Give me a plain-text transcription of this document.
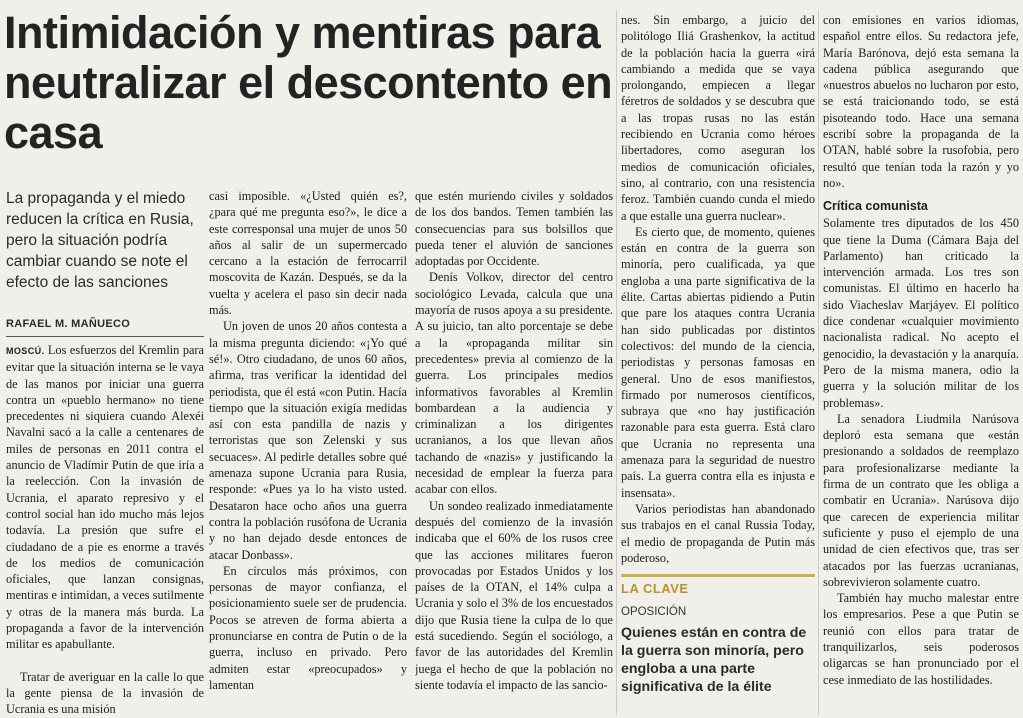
Intimidación y mentiras para neutralizar el descontento en casa

La propaganda y el miedo reducen la crítica en Rusia, pero la situación podría cambiar cuando se note el efecto de las sanciones

RAFAEL M. MAÑUECO

MOSCÚ. Los esfuerzos del Kremlin para evitar que la situación interna se le vaya de las manos por iniciar una guerra contra un «pueblo hermano» no tiene precedentes ni siquiera cuando Alexéi Navalni sacó a la calle a centenares de miles de personas en 2011 contra el anuncio de Vladímir Putin de que iría a la reelección. Con la invasión de Ucrania, el aparato represivo y el control social han ido mucho más lejos todavía. La presión que sufre el ciudadano de a pie es enorme a través de los medios de comunicación oficiales, que lanzan consignas, mentiras e intimidan, a veces sutilmente y otras de la manera más burda. La propaganda a favor de la intervención militar es apabullante.

Tratar de averiguar en la calle lo que la gente piensa de la invasión de Ucrania es una misión

casi imposible. «¿Usted quién es?, ¿para qué me pregunta eso?», le dice a este corresponsal una mujer de unos 50 años al salir de un supermercado cercano a la estación de ferrocarril moscovita de Kazán. Después, se da la vuelta y acelera el paso sin decir nada más.

Un joven de unos 20 años contesta a la misma pregunta diciendo: «¡Yo qué sé!». Otro ciudadano, de unos 60 años, afirma, tras verificar la identidad del periodista, que él está «con Putin. Hacía tiempo que la situación exigía medidas así con esta pandilla de nazis y terroristas que son Zelenski y sus secuaces». Al pedirle detalles sobre qué amenaza supone Ucrania para Rusia, responde: «Pues ya lo ha visto usted. Desataron hace ocho años una guerra contra la población rusófona de Ucrania y no han dejado desde entonces de atacar Donbass».

En círculos más próximos, con personas de mayor confianza, el posicionamiento suele ser de prudencia. Pocos se atreven de forma abierta a pronunciarse en contra de Putin o de la guerra, incluso en privado. Pero admiten estar «preocupados» y lamentan

que estén muriendo civiles y soldados de los dos bandos. Temen también las consecuencias para sus bolsillos que pueda tener el aluvión de sanciones adoptadas por Occidente.

Denís Volkov, director del centro sociológico Levada, calcula que una mayoría de rusos apoya a su presidente. A su juicio, tan alto porcentaje se debe a la «propaganda militar sin precedentes» previa al comienzo de la guerra. Los principales medios informativos favorables al Kremlin bombardean a la audiencia y criminalizan a los dirigentes ucranianos, a los que llevan años tachando de «nazis» y justificando la necesidad de emplear la fuerza para acabar con ellos.

Un sondeo realizado inmediatamente después del comienzo de la invasión indicaba que el 60% de los rusos cree que las acciones militares fueron provocadas por Estados Unidos y los países de la OTAN, el 14% culpa a Ucrania y solo el 3% de los encuestados dijo que Rusia tiene la culpa de lo que está sucediendo. Según el sociólogo, a favor de las autoridades del Kremlin juega el hecho de que la población no siente todavía el impacto de las sancio-

nes. Sin embargo, a juicio del politólogo Iliá Grashenkov, la actitud de la población hacia la guerra «irá cambiando a medida que se vaya prolongando, empiecen a llegar féretros de soldados y se descubra que a las tropas rusas no las están recibiendo en Ucrania como héroes libertadores, como aseguran los medios de comunicación oficiales, sino, al contrario, con una resistencia feroz. También cuando cunda el miedo a que estalle una guerra nuclear».

Es cierto que, de momento, quienes están en contra de la guerra son minoría, pero cualificada, ya que engloba a una parte significativa de la élite. Cartas abiertas pidiendo a Putin que pare los ataques contra Ucrania han sido publicadas por distintos colectivos: del mundo de la ciencia, periodistas y personas famosas en general. Uno de esos manifiestos, firmado por numerosos científicos, subraya que «no hay justificación razonable para esta guerra. Está claro que Ucrania no representa una amenaza para la seguridad de nuestro país. La guerra contra ella es injusta e insensata».

Varios periodistas han abandonado sus trabajos en el canal Russia Today, el medio de propaganda de Putin más poderoso,

LA CLAVE
OPOSICIÓN
Quienes están en contra de la guerra son minoría, pero engloba a una parte significativa de la élite

con emisiones en varios idiomas, español entre ellos. Su redactora jefe, María Barónova, dejó esta semana la cadena pública asegurando que «nuestros abuelos no lucharon por esto, se está traicionando todo, se está pisoteando todo. Hace una semana escribí sobre la propaganda de la OTAN, hablé sobre la rusofobia, pero resultó que tenían toda la razón y yo no».

Crítica comunista

Solamente tres diputados de los 450 que tiene la Duma (Cámara Baja del Parlamento) han criticado la intervención armada. Los tres son comunistas. El último en hacerlo ha sido Viacheslav Marjáyev. El político dice condenar «cualquier movimiento nacionalista radical. No acepto el genocidio, la devastación y la anarquía. Pero de la misma manera, odio la guerra y la solución militar de los problemas».

La senadora Liudmila Narúsova deploró esta semana que «están presionando a soldados de reemplazo para profesionalizarse mediante la firma de un contrato que les obliga a combatir en Ucrania». Narúsova dijo que carecen de experiencia militar suficiente y puso el ejemplo de una unidad de cien efectivos que, tras ser atacados por las fuerzas ucranianas, sobrevivieron solamente cuatro.

También hay mucho malestar entre los empresarios. Pese a que Putin se reunió con ellos para tratar de tranquilizarlos, seis poderosos oligarcas se han pronunciado por el cese inmediato de las hostilidades.
